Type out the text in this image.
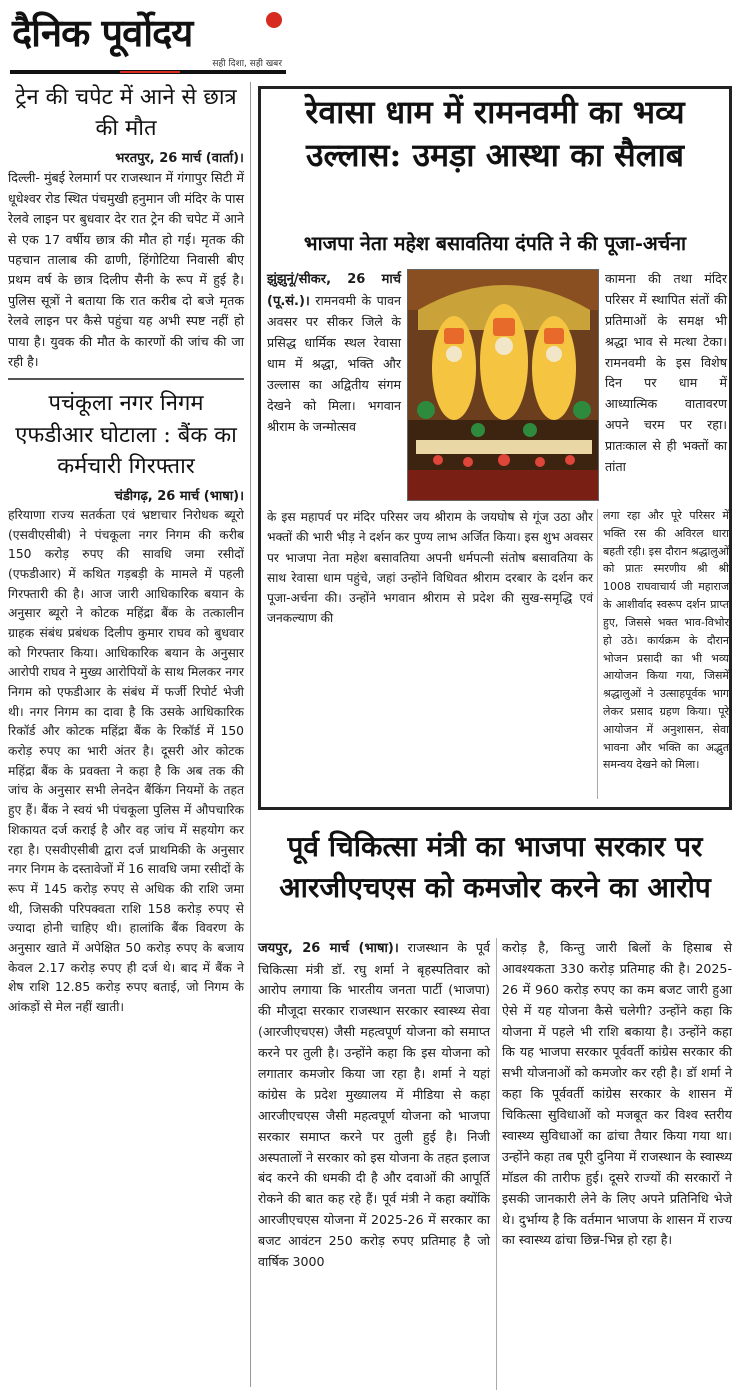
दैनिक पूर्वोदय
सही दिशा, सही खबर
ट्रेन की चपेट में आने से छात्र की मौत
भरतपुर, 26 मार्च (वार्ता)।

दिल्ली- मुंबई रेलमार्ग पर राजस्थान में गंगापुर सिटी में धूधेश्वर रोड स्थित पंचमुखी हनुमान जी मंदिर के पास रेलवे लाइन पर बुधवार देर रात ट्रेन की चपेट में आने से एक 17 वर्षीय छात्र की मौत हो गई। मृतक की पहचान तालाब की ढाणी, हिंगोटिया निवासी बीए प्रथम वर्ष के छात्र दिलीप सैनी के रूप में हुई है। पुलिस सूत्रों ने बताया कि रात करीब दो बजे मृतक रेलवे लाइन पर कैसे पहुंचा यह अभी स्पष्ट नहीं हो पाया है। युवक की मौत के कारणों की जांच की जा रही है।

पचंकूला नगर निगम एफडीआर घोटाला : बैंक का कर्मचारी गिरफ्तार
चंडीगढ़, 26 मार्च (भाषा)।

हरियाणा राज्य सतर्कता एवं भ्रष्टाचार निरोधक ब्यूरो (एसवीएसीबी) ने पंचकूला नगर निगम की करीब 150 करोड़ रुपए की सावधि जमा रसीदों (एफडीआर) में कथित गड़बड़ी के मामले में पहली गिरफ्तारी की है। आज जारी आधिकारिक बयान के अनुसार ब्यूरो ने कोटक महिंद्रा बैंक के तत्कालीन ग्राहक संबंध प्रबंधक दिलीप कुमार राघव को बुधवार को गिरफ्तार किया। आधिकारिक बयान के अनुसार आरोपी राघव ने मुख्य आरोपियों के साथ मिलकर नगर निगम को एफडीआर के संबंध में फर्जी रिपोर्ट भेजी थी। नगर निगम का दावा है कि उसके आधिकारिक रिकॉर्ड और कोटक महिंद्रा बैंक के रिकॉर्ड में 150 करोड़ रुपए का भारी अंतर है। दूसरी ओर कोटक महिंद्रा बैंक के प्रवक्ता ने कहा है कि अब तक की जांच के अनुसार सभी लेनदेन बैंकिंग नियमों के तहत हुए हैं। बैंक ने स्वयं भी पंचकूला पुलिस में औपचारिक शिकायत दर्ज कराई है और वह जांच में सहयोग कर रहा है। एसवीएसीबी द्वारा दर्ज प्राथमिकी के अनुसार नगर निगम के दस्तावेजों में 16 सावधि जमा रसीदों के रूप में 145 करोड़ रुपए से अधिक की राशि जमा थी, जिसकी परिपक्वता राशि 158 करोड़ रुपए से ज्यादा होनी चाहिए थी। हालांकि बैंक विवरण के अनुसार खाते में अपेक्षित 50 करोड़ रुपए के बजाय केवल 2.17 करोड़ रुपए ही दर्ज थे। बाद में बैंक ने शेष राशि 12.85 करोड़ रुपए बताई, जो निगम के आंकड़ों से मेल नहीं खाती।

रेवासा धाम में रामनवमी का भव्य उल्लास: उमड़ा आस्था का सैलाब
भाजपा नेता महेश बसावतिया दंपति ने की पूजा-अर्चना
झुंझुनूं/सीकर, 26 मार्च (पू.सं.)। रामनवमी के पावन अवसर पर सीकर जिले के प्रसिद्ध धार्मिक स्थल रेवासा धाम में श्रद्धा, भक्ति और उल्लास का अद्वितीय संगम देखने को मिला। भगवान श्रीराम के जन्मोत्सव
कामना की तथा मंदिर परिसर में स्थापित संतों की प्रतिमाओं के समक्ष भी श्रद्धा भाव से मत्था टेका। रामनवमी के इस विशेष दिन पर धाम में आध्यात्मिक वातावरण अपने चरम पर रहा। प्रातःकाल से ही भक्तों का तांता
के इस महापर्व पर मंदिर परिसर जय श्रीराम के जयघोष से गूंज उठा और भक्तों की भारी भीड़ ने दर्शन कर पुण्य लाभ अर्जित किया। इस शुभ अवसर पर भाजपा नेता महेश बसावतिया अपनी धर्मपत्नी संतोष बसावतिया के साथ रेवासा धाम पहुंचे, जहां उन्होंने विधिवत श्रीराम दरबार के दर्शन कर पूजा-अर्चना की। उन्होंने भगवान श्रीराम से प्रदेश की सुख-समृद्धि एवं जनकल्याण की
लगा रहा और पूरे परिसर में भक्ति रस की अविरल धारा बहती रही। इस दौरान श्रद्धालुओं को प्रातः स्मरणीय श्री श्री 1008 राघवाचार्य जी महाराज के आशीर्वाद स्वरूप दर्शन प्राप्त हुए, जिससे भक्त भाव-विभोर हो उठे। कार्यक्रम के दौरान भोजन प्रसादी का भी भव्य आयोजन किया गया, जिसमें श्रद्धालुओं ने उत्साहपूर्वक भाग लेकर प्रसाद ग्रहण किया। पूरे आयोजन में अनुशासन, सेवा भावना और भक्ति का अद्भुत समन्वय देखने को मिला।
पूर्व चिकित्सा मंत्री का भाजपा सरकार पर आरजीएचएस को कमजोर करने का आरोप
जयपुर, 26 मार्च (भाषा)। राजस्थान के पूर्व चिकित्सा मंत्री डॉ. रघु शर्मा ने बृहस्पतिवार को आरोप लगाया कि भारतीय जनता पार्टी (भाजपा) की मौजूदा सरकार राजस्थान सरकार स्वास्थ्य सेवा (आरजीएचएस) जैसी महत्वपूर्ण योजना को समाप्त करने पर तुली है। उन्होंने कहा कि इस योजना को लगातार कमजोर किया जा रहा है। शर्मा ने यहां कांग्रेस के प्रदेश मुख्यालय में मीडिया से कहा आरजीएचएस जैसी महत्वपूर्ण योजना को भाजपा सरकार समाप्त करने पर तुली हुई है। निजी अस्पतालों ने सरकार को इस योजना के तहत इलाज बंद करने की धमकी दी है और दवाओं की आपूर्ति रोकने की बात कह रहे हैं। पूर्व मंत्री ने कहा क्योंकि आरजीएचएस योजना में 2025-26 में सरकार का बजट आवंटन 250 करोड़ रुपए प्रतिमाह है जो वार्षिक 3000
करोड़ है, किन्तु जारी बिलों के हिसाब से आवश्यकता 330 करोड़ प्रतिमाह की है। 2025-26 में 960 करोड़ रुपए का कम बजट जारी हुआ ऐसे में यह योजना कैसे चलेगी? उन्होंने कहा कि योजना में पहले भी राशि बकाया है। उन्होंने कहा कि यह भाजपा सरकार पूर्ववर्ती कांग्रेस सरकार की सभी योजनाओं को कमजोर कर रही है। डॉ शर्मा ने कहा कि पूर्ववर्ती कांग्रेस सरकार के शासन में चिकित्सा सुविधाओं को मजबूत कर विश्व स्तरीय स्वास्थ्य सुविधाओं का ढांचा तैयार किया गया था। उन्होंने कहा तब पूरी दुनिया में राजस्थान के स्वास्थ्य मॉडल की तारीफ हुई। दूसरे राज्यों की सरकारों ने इसकी जानकारी लेने के लिए अपने प्रतिनिधि भेजे थे। दुर्भाग्य है कि वर्तमान भाजपा के शासन में राज्य का स्वास्थ्य ढांचा छिन्न-भिन्न हो रहा है।
